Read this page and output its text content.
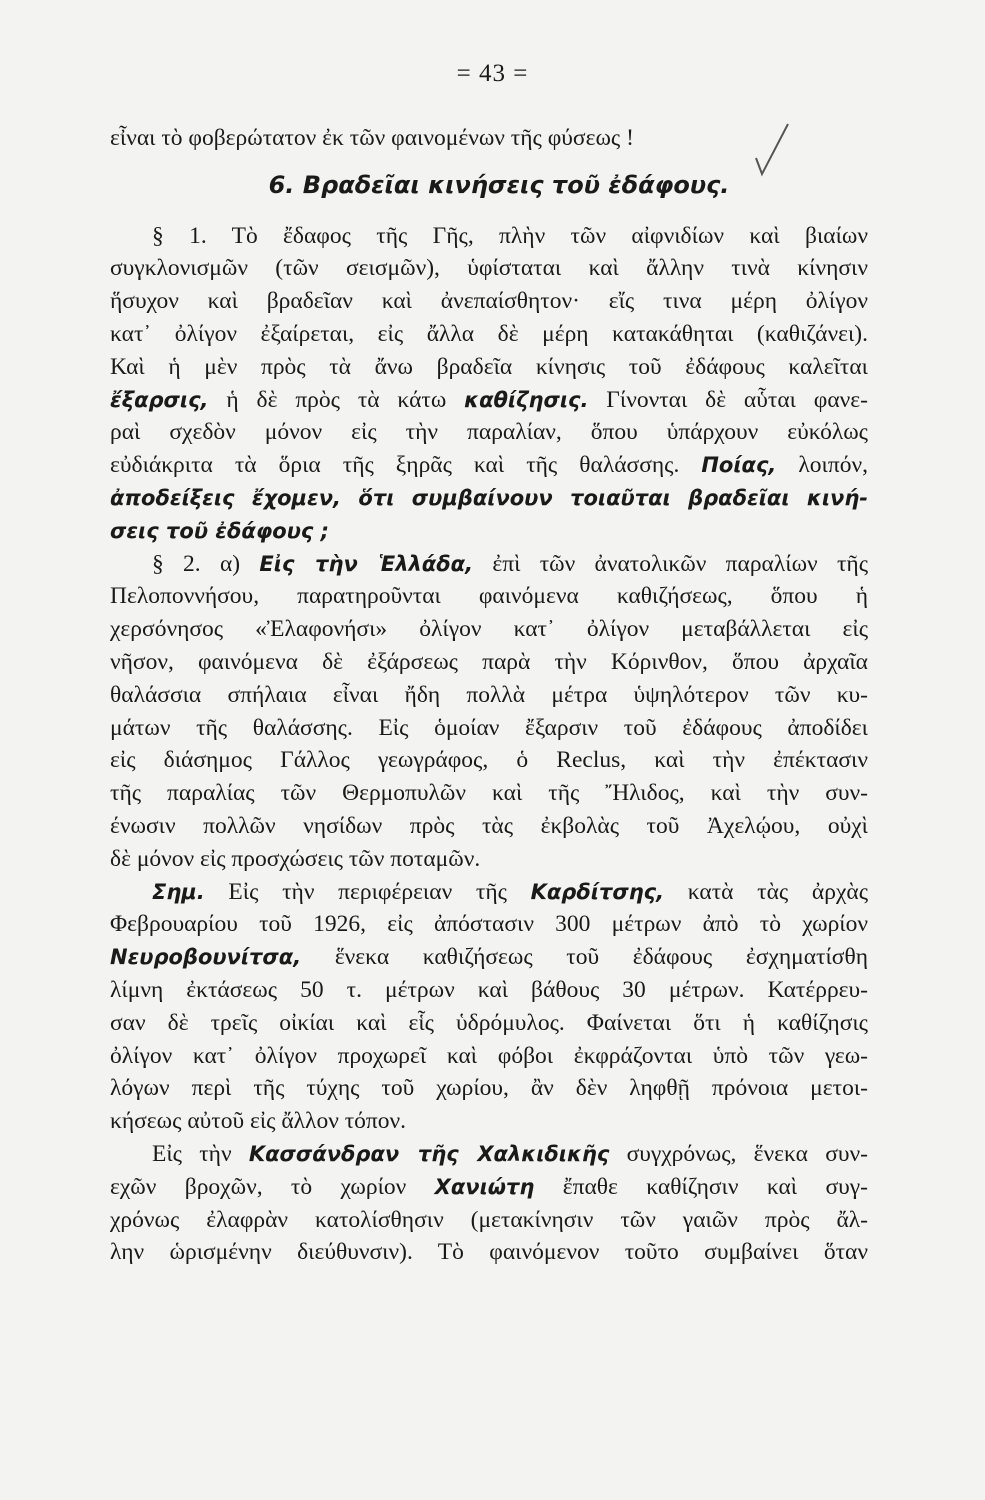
= 43 =
εἶναι τὸ φοβερώτατον ἐκ τῶν φαινομένων τῆς φύσεως !
6. Βραδεῖαι κινήσεις τοῦ ἐδάφους.
§ 1. Τὸ ἔδαφος τῆς Γῆς, πλὴν τῶν αἰφνιδίων καὶ βιαίων
συγκλονισμῶν (τῶν σεισμῶν), ὑφίσταται καὶ ἄλλην τινὰ κίνησιν
ἥσυχον καὶ βραδεῖαν καὶ ἀνεπαίσθητον· εἴς τινα μέρη ὀλίγον
κατ᾿ ὀλίγον ἐξαίρεται, εἰς ἄλλα δὲ μέρη κατακάθηται (καθιζάνει).
Καὶ ἡ μὲν πρὸς τὰ ἄνω βραδεῖα κίνησις τοῦ ἐδάφους καλεῖται
ἔξαρσις, ἡ δὲ πρὸς τὰ κάτω καθίζησις. Γίνονται δὲ αὗται φανε-
ραὶ σχεδὸν μόνον εἰς τὴν παραλίαν, ὅπου ὑπάρχουν εὐκόλως
εὐδιάκριτα τὰ ὅρια τῆς ξηρᾶς καὶ τῆς θαλάσσης. Ποίας, λοιπόν,
ἀποδείξεις ἔχομεν, ὅτι συμβαίνουν τοιαῦται βραδεῖαι κινή-
σεις τοῦ ἐδάφους ;
§ 2. α) Εἰς τὴν Ἑλλάδα, ἐπὶ τῶν ἀνατολικῶν παραλίων τῆς
Πελοποννήσου, παρατηροῦνται φαινόμενα καθιζήσεως, ὅπου ἡ
χερσόνησος «Ἐλαφονήσι» ὀλίγον κατ᾿ ὀλίγον μεταβάλλεται εἰς
νῆσον, φαινόμενα δὲ ἐξάρσεως παρὰ τὴν Κόρινθον, ὅπου ἀρχαῖα
θαλάσσια σπήλαια εἶναι ἤδη πολλὰ μέτρα ὑψηλότερον τῶν κυ-
μάτων τῆς θαλάσσης. Εἰς ὁμοίαν ἔξαρσιν τοῦ ἐδάφους ἀποδίδει
εἰς διάσημος Γάλλος γεωγράφος, ὁ Reclus, καὶ τὴν ἐπέκτασιν
τῆς παραλίας τῶν Θερμοπυλῶν καὶ τῆς Ἤλιδος, καὶ τὴν συν-
ένωσιν πολλῶν νησίδων πρὸς τὰς ἐκβολὰς τοῦ Ἀχελῴου, οὐχὶ
δὲ μόνον εἰς προσχώσεις τῶν ποταμῶν.
Σημ. Εἰς τὴν περιφέρειαν τῆς Καρδίτσης, κατὰ τὰς ἀρχὰς
Φεβρουαρίου τοῦ 1926, εἰς ἀπόστασιν 300 μέτρων ἀπὸ τὸ χωρίον
Νευροβουνίτσα, ἕνεκα καθιζήσεως τοῦ ἐδάφους ἐσχηματίσθη
λίμνη ἐκτάσεως 50 τ. μέτρων καὶ βάθους 30 μέτρων. Κατέρρευ-
σαν δὲ τρεῖς οἰκίαι καὶ εἷς ὑδρόμυλος. Φαίνεται ὅτι ἡ καθίζησις
ὀλίγον κατ᾿ ὀλίγον προχωρεῖ καὶ φόβοι ἐκφράζονται ὑπὸ τῶν γεω-
λόγων περὶ τῆς τύχης τοῦ χωρίου, ἂν δὲν ληφθῇ πρόνοια μετοι-
κήσεως αὐτοῦ εἰς ἄλλον τόπον.
Εἰς τὴν Κασσάνδραν τῆς Χαλκιδικῆς συγχρόνως, ἕνεκα συν-
εχῶν βροχῶν, τὸ χωρίον Χανιώτη ἔπαθε καθίζησιν καὶ συγ-
χρόνως ἐλαφρὰν κατολίσθησιν (μετακίνησιν τῶν γαιῶν πρὸς ἄλ-
λην ὡρισμένην διεύθυνσιν). Τὸ φαινόμενον τοῦτο συμβαίνει ὅταν
